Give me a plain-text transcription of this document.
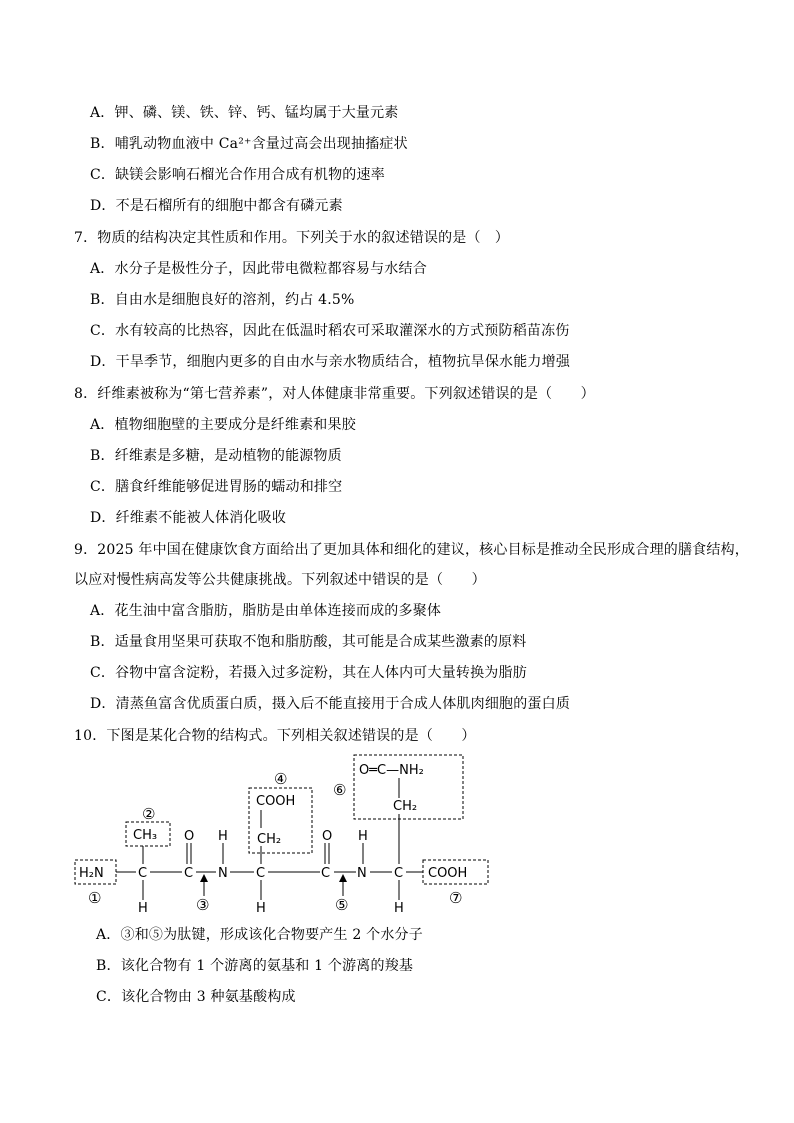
A．钾、磷、镁、铁、锌、钙、锰均属于大量元素
B．哺乳动物血液中 Ca²⁺含量过高会出现抽搐症状
C．缺镁会影响石榴光合作用合成有机物的速率
D．不是石榴所有的细胞中都含有磷元素
7．物质的结构决定其性质和作用。下列关于水的叙述错误的是（　）
A．水分子是极性分子，因此带电微粒都容易与水结合
B．自由水是细胞良好的溶剂，约占 4.5%
C．水有较高的比热容，因此在低温时稻农可采取灌深水的方式预防稻苗冻伤
D．干旱季节，细胞内更多的自由水与亲水物质结合，植物抗旱保水能力增强
8．纤维素被称为“第七营养素”，对人体健康非常重要。下列叙述错误的是（　　）
A．植物细胞壁的主要成分是纤维素和果胶
B．纤维素是多糖，是动植物的能源物质
C．膳食纤维能够促进胃肠的蠕动和排空
D．纤维素不能被人体消化吸收
9．2025 年中国在健康饮食方面给出了更加具体和细化的建议，核心目标是推动全民形成合理的膳食结构，
以应对慢性病高发等公共健康挑战。下列叙述中错误的是（　　）
A．花生油中富含脂肪，脂肪是由单体连接而成的多聚体
B．适量食用坚果可获取不饱和脂肪酸，其可能是合成某些激素的原料
C．谷物中富含淀粉，若摄入过多淀粉，其在人体内可大量转换为脂肪
D．清蒸鱼富含优质蛋白质，摄入后不能直接用于合成人体肌肉细胞的蛋白质
10．下图是某化合物的结构式。下列相关叙述错误的是（　　）
H₂N	C
H
CH₃
C
O
N
H
C
H
COOH
CH₂
C
O
N
H
C
H
O═C—NH₂
CH₂
COOH
①
②
③
④
⑤
⑥
⑦
A．③和⑤为肽键，形成该化合物要产生 2 个水分子
B．该化合物有 1 个游离的氨基和 1 个游离的羧基
C．该化合物由 3 种氨基酸构成
